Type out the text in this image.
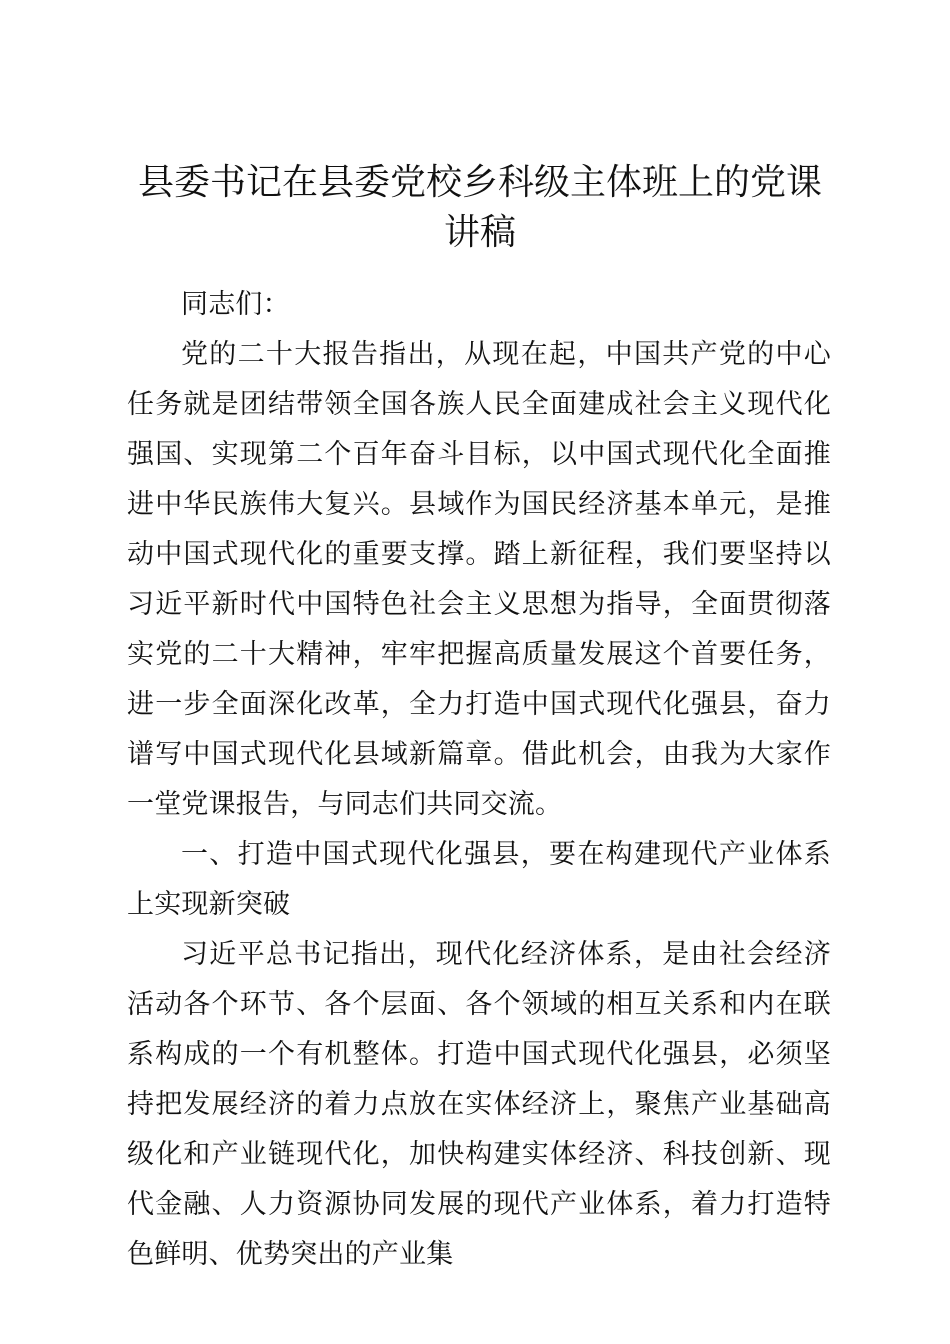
县委书记在县委党校乡科级主体班上的党课讲稿

同志们：

党的二十大报告指出，从现在起，中国共产党的中心任务就是团结带领全国各族人民全面建成社会主义现代化强国、实现第二个百年奋斗目标，以中国式现代化全面推进中华民族伟大复兴。县域作为国民经济基本单元，是推动中国式现代化的重要支撑。踏上新征程，我们要坚持以习近平新时代中国特色社会主义思想为指导，全面贯彻落实党的二十大精神，牢牢把握高质量发展这个首要任务，进一步全面深化改革，全力打造中国式现代化强县，奋力谱写中国式现代化县域新篇章。借此机会，由我为大家作一堂党课报告，与同志们共同交流。

一、打造中国式现代化强县，要在构建现代产业体系上实现新突破

习近平总书记指出，现代化经济体系，是由社会经济活动各个环节、各个层面、各个领域的相互关系和内在联系构成的一个有机整体。打造中国式现代化强县，必须坚持把发展经济的着力点放在实体经济上，聚焦产业基础高级化和产业链现代化，加快构建实体经济、科技创新、现代金融、人力资源协同发展的现代产业体系，着力打造特色鲜明、优势突出的产业集
